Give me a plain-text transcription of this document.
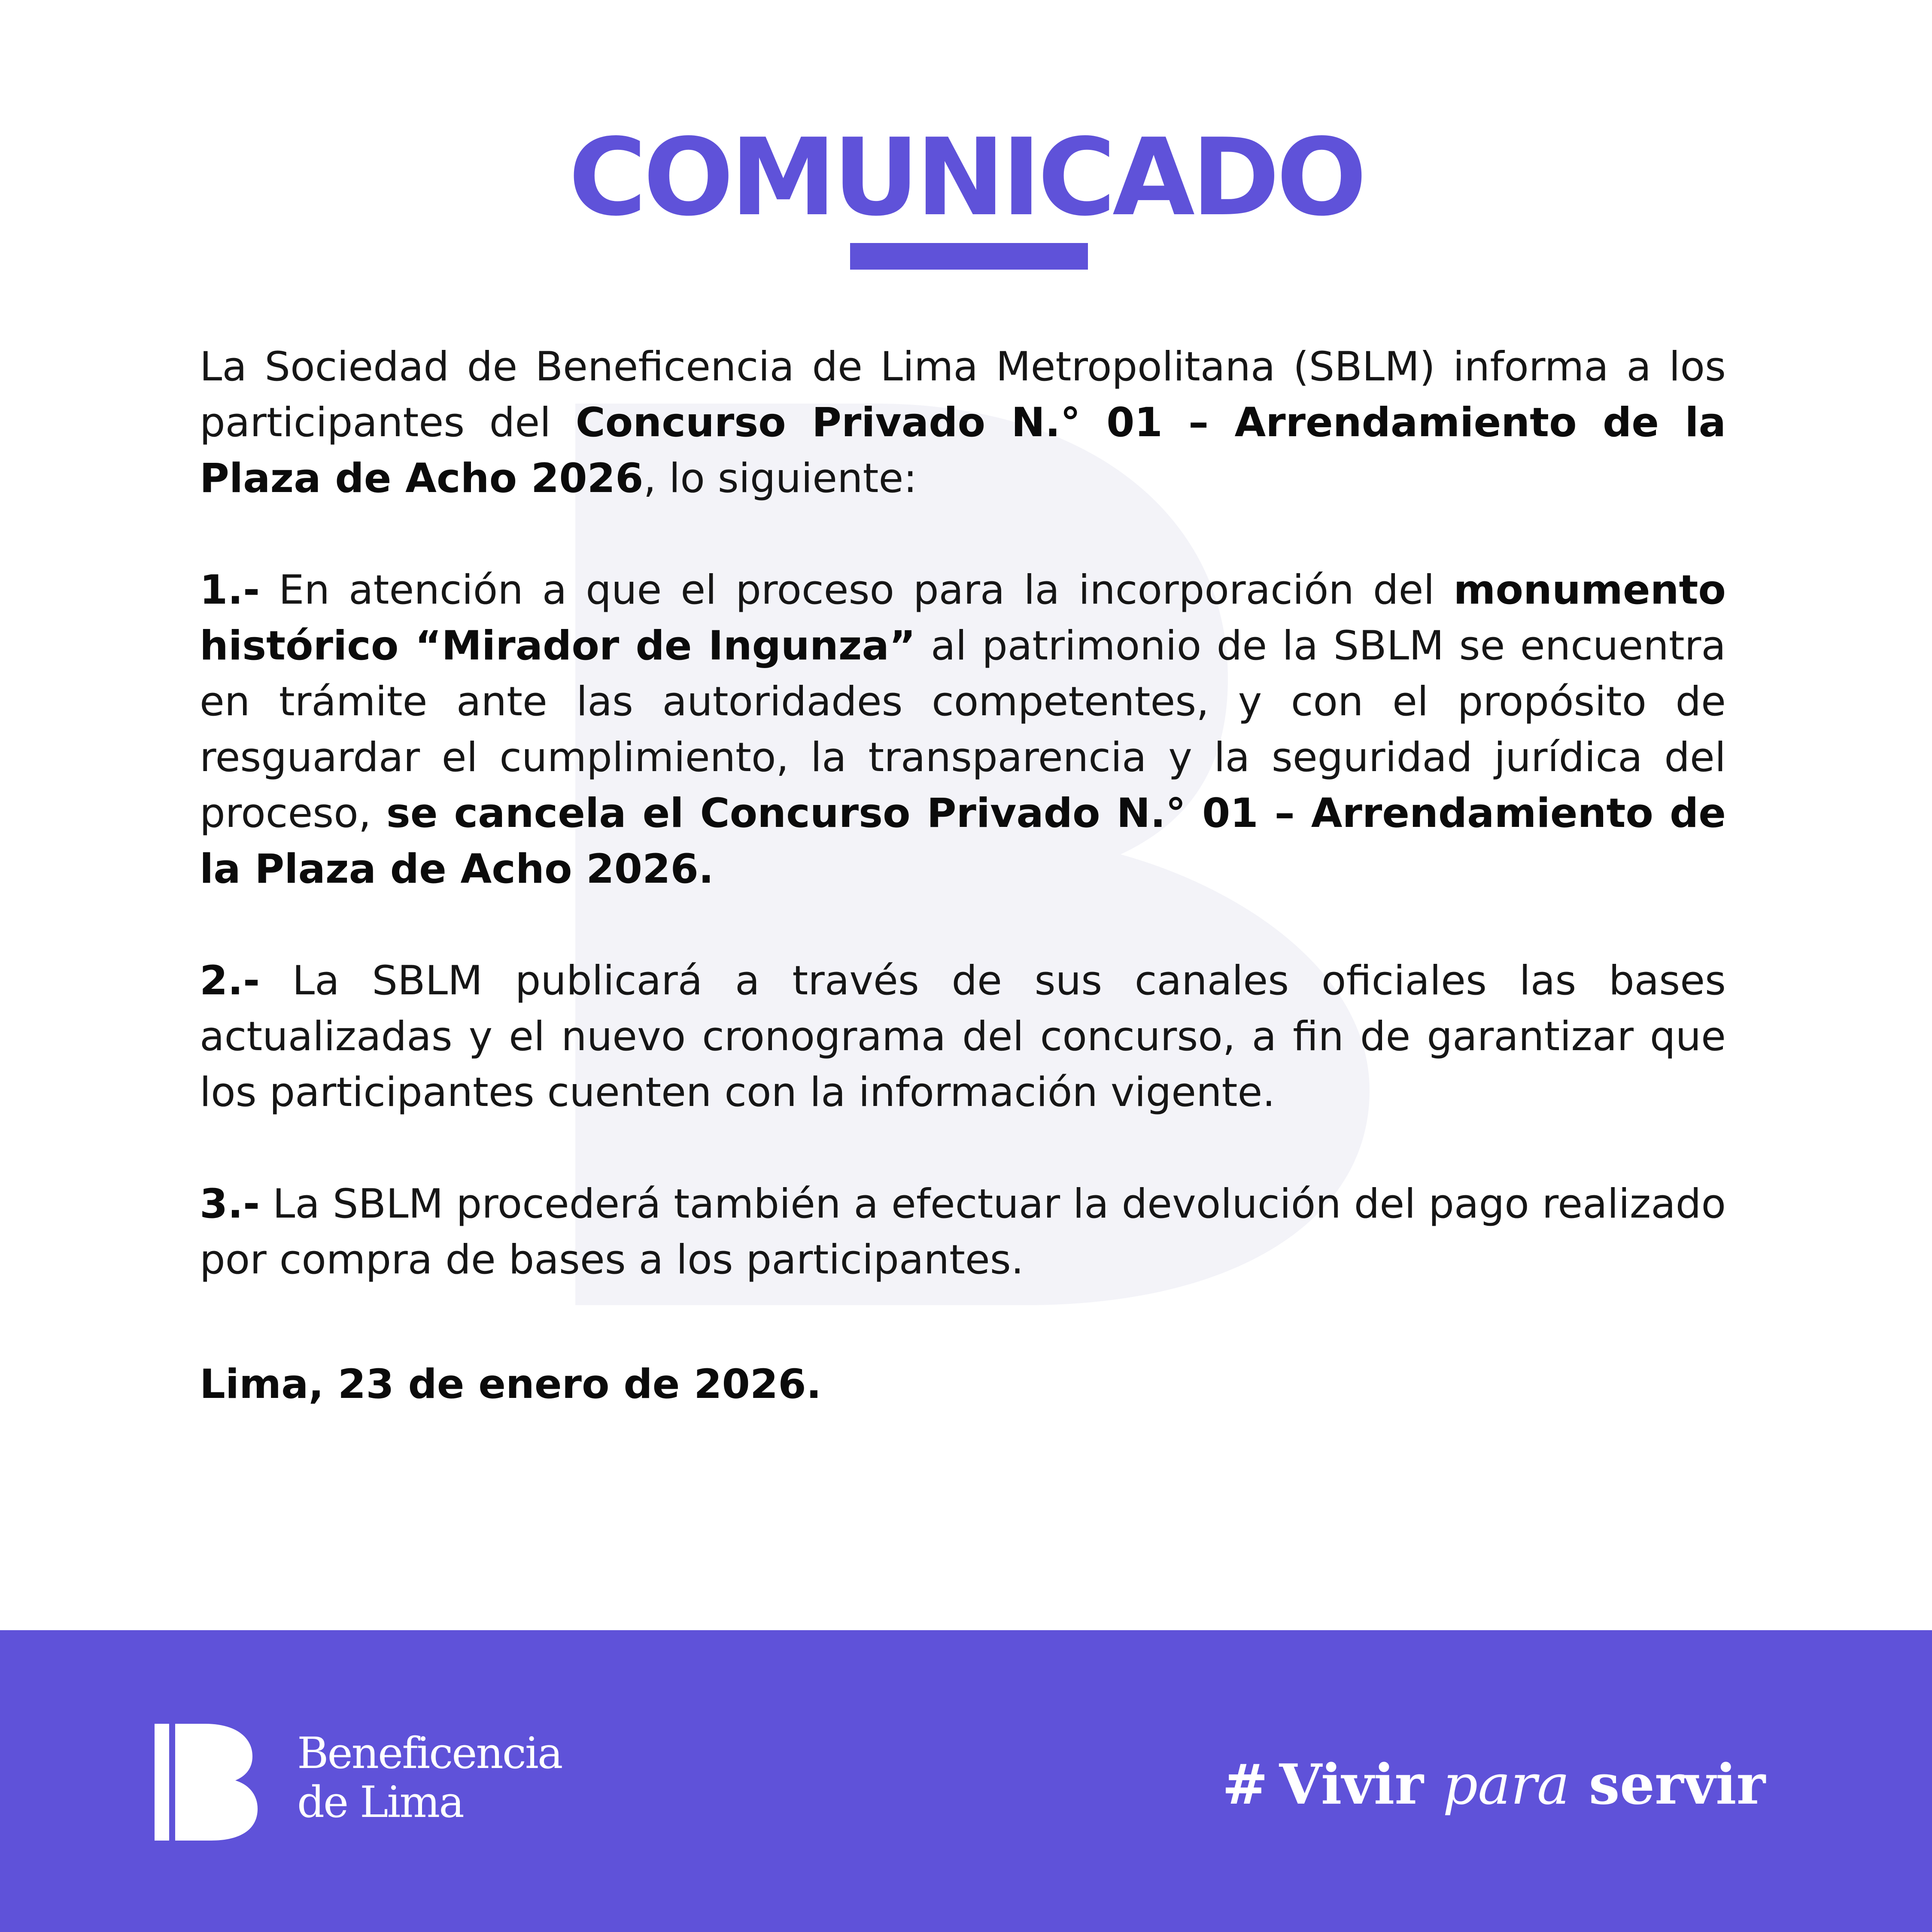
COMUNICADO

La Sociedad de Beneficencia de Lima Metropolitana (SBLM) informa a los participantes del Concurso Privado N.° 01 – Arrendamiento de la Plaza de Acho 2026, lo siguiente:

1.- En atención a que el proceso para la incorporación del monumento histórico “Mirador de Ingunza” al patrimonio de la SBLM se encuentra en trámite ante las autoridades competentes, y con el propósito de resguardar el cumplimiento, la transparencia y la seguridad jurídica del proceso, se cancela el Concurso Privado N.° 01 – Arrendamiento de la Plaza de Acho 2026.

2.- La SBLM publicará a través de sus canales oficiales las bases actualizadas y el nuevo cronograma del concurso, a fin de garantizar que los participantes cuenten con la información vigente.

3.- La SBLM procederá también a efectuar la devolución del pago realizado por compra de bases a los participantes.

Lima, 23 de enero de 2026.
Beneficencia
de Lima	# Vivir para servir
